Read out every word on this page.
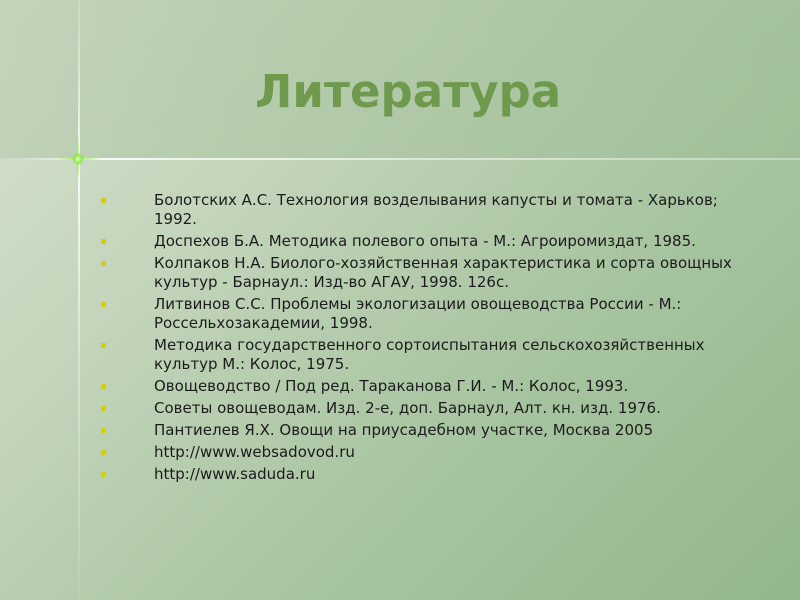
Литература
Болотских А.С. Технология возделывания капусты и томата - Харьков; 1992.
Доспехов Б.А. Методика полевого опыта - М.: Агроиромиздат, 1985.
Колпаков Н.А. Биолого-хозяйственная характеристика и сорта овощных культур - Барнаул.: Изд-во АГАУ, 1998. 126с.
Литвинов С.С. Проблемы экологизации овощеводства России - М.: Россельхозакадемии, 1998.
Методика государственного сортоиспытания сельскохозяйственных культур М.: Колос, 1975.
Овощеводство / Под ред. Тараканова Г.И. - М.: Колос, 1993.
Советы овощеводам. Изд. 2-е, доп. Барнаул, Алт. кн. изд. 1976.
Пантиелев Я.Х. Овощи на приусадебном участке, Москва 2005
http://www.websadovod.ru
http://www.saduda.ru
